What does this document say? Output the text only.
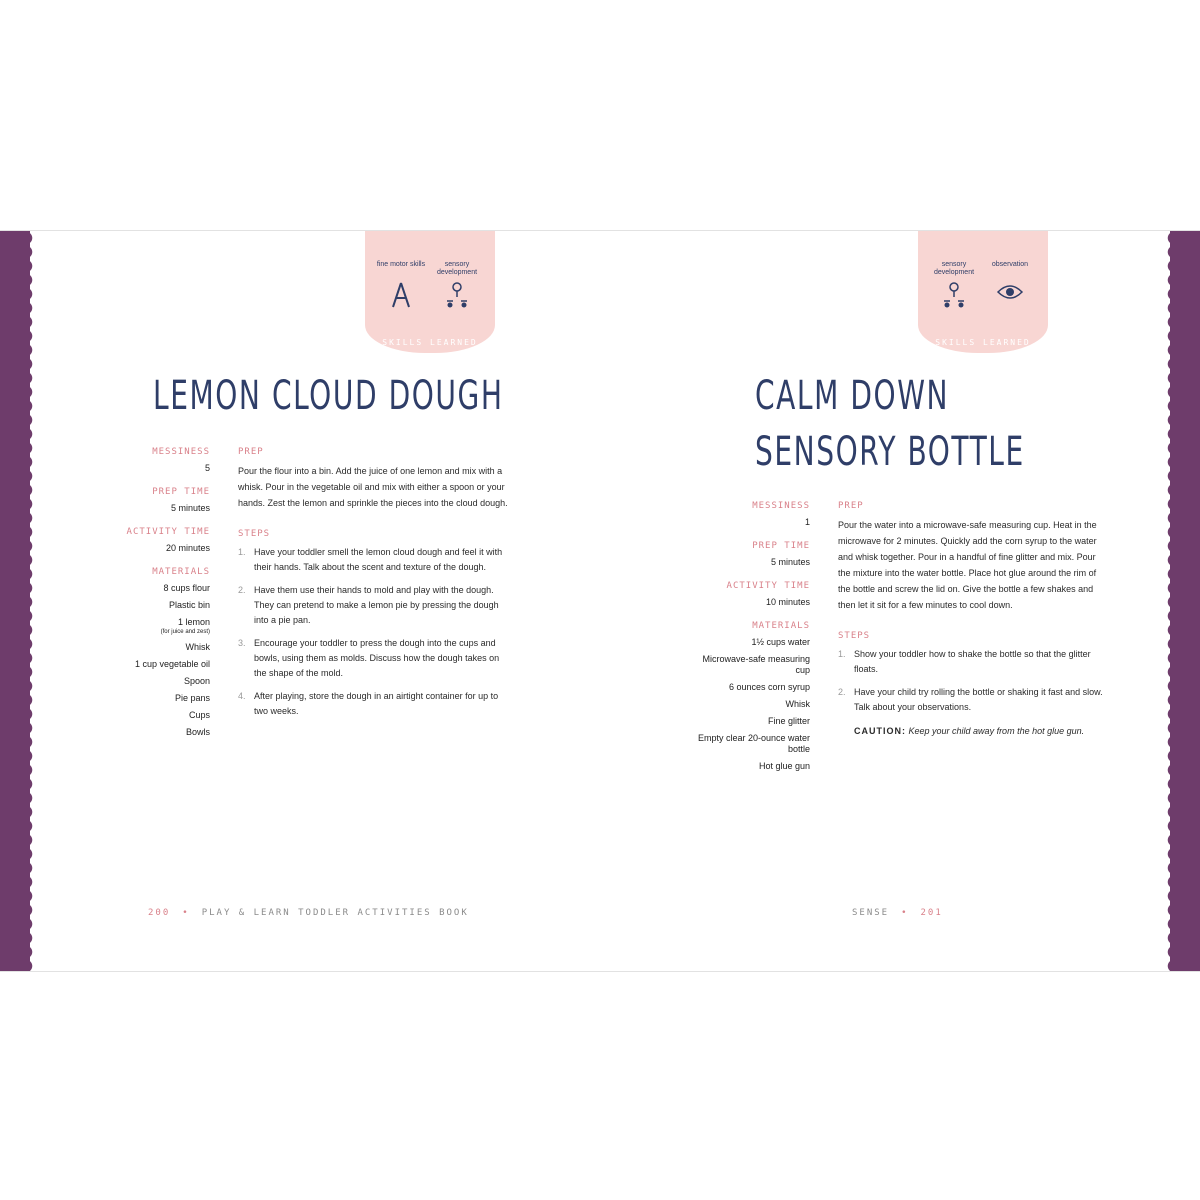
fine motor skills	sensory development
SKILLS LEARNED
LEMON CLOUD DOUGH
MESSINESS
5
PREP TIME
5 minutes
ACTIVITY TIME
20 minutes
MATERIALS
8 cups flour
Plastic bin
1 lemon
(for juice and zest)
Whisk
1 cup vegetable oil
Spoon
Pie pans
Cups
Bowls
PREP

Pour the flour into a bin. Add the juice of one lemon and mix with a whisk. Pour in the vegetable oil and mix with either a spoon or your hands. Zest the lemon and sprinkle the pieces into the cloud dough.

STEPS
1. Have your toddler smell the lemon cloud dough and feel it with their hands. Talk about the scent and texture of the dough.
2. Have them use their hands to mold and play with the dough. They can pretend to make a lemon pie by pressing the dough into a pie pan.
3. Encourage your toddler to press the dough into the cups and bowls, using them as molds. Discuss how the dough takes on the shape of the mold.
4. After playing, store the dough in an airtight container for up to two weeks.
200 • PLAY & LEARN TODDLER ACTIVITIES BOOK
sensory development
observation
SKILLS LEARNED
CALM DOWN
SENSORY BOTTLE
MESSINESS
1
PREP TIME
5 minutes
ACTIVITY TIME
10 minutes
MATERIALS
1½ cups water
Microwave-safe measuring cup
6 ounces corn syrup
Whisk
Fine glitter
Empty clear 20-ounce water bottle
Hot glue gun
PREP

Pour the water into a microwave-safe measuring cup. Heat in the microwave for 2 minutes. Quickly add the corn syrup to the water and whisk together. Pour in a handful of fine glitter and mix. Pour the mixture into the water bottle. Place hot glue around the rim of the bottle and screw the lid on. Give the bottle a few shakes and then let it sit for a few minutes to cool down.

STEPS
1. Show your toddler how to shake the bottle so that the glitter floats.
2. Have your child try rolling the bottle or shaking it fast and slow. Talk about your observations.

CAUTION: Keep your child away from the hot glue gun.

SENSE • 201
